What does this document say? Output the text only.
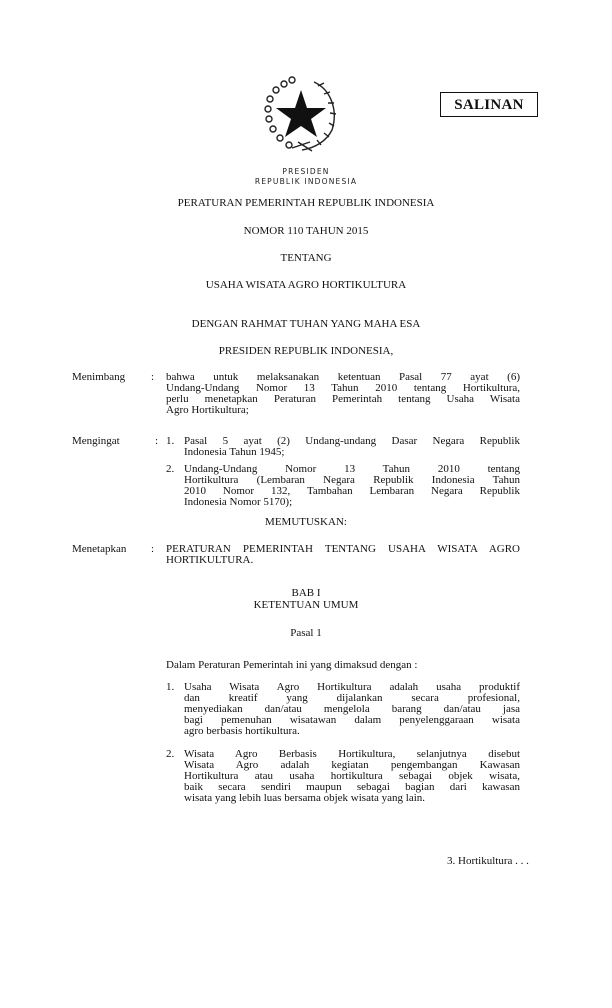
SALINAN
PRESIDEN
REPUBLIK INDONESIA
PERATURAN PEMERINTAH REPUBLIK INDONESIA
NOMOR 110 TAHUN 2015
TENTANG
USAHA WISATA AGRO HORTIKULTURA
DENGAN RAHMAT TUHAN YANG MAHA ESA
PRESIDEN REPUBLIK INDONESIA,
Menimbang : bahwa untuk melaksanakan ketentuan Pasal 77 ayat (6)
Undang-Undang Nomor 13 Tahun 2010 tentang Hortikultura,
perlu menetapkan Peraturan Pemerintah tentang Usaha Wisata
Agro Hortikultura;
Mengingat	: 1. Pasal 5 ayat (2) Undang-undang Dasar Negara Republik
Indonesia Tahun 1945;
2. Undang-Undang Nomor 13 Tahun 2010 tentang
Hortikultura (Lembaran Negara Republik Indonesia Tahun
2010 Nomor 132, Tambahan Lembaran Negara Republik
Indonesia Nomor 5170);
MEMUTUSKAN:
Menetapkan : PERATURAN PEMERINTAH TENTANG USAHA WISATA AGRO
HORTIKULTURA.
BAB I
KETENTUAN UMUM
Pasal 1
Dalam Peraturan Pemerintah ini yang dimaksud dengan :
1. Usaha Wisata Agro Hortikultura adalah usaha produktif
dan kreatif yang dijalankan secara profesional,
menyediakan dan/atau mengelola barang dan/atau jasa
bagi pemenuhan wisatawan dalam penyelenggaraan wisata
agro berbasis hortikultura.
2. Wisata Agro Berbasis Hortikultura, selanjutnya disebut
Wisata Agro adalah kegiatan pengembangan Kawasan
Hortikultura atau usaha hortikultura sebagai objek wisata,
baik secara sendiri maupun sebagai bagian dari kawasan
wisata yang lebih luas bersama objek wisata yang lain.
3. Hortikultura . . .
